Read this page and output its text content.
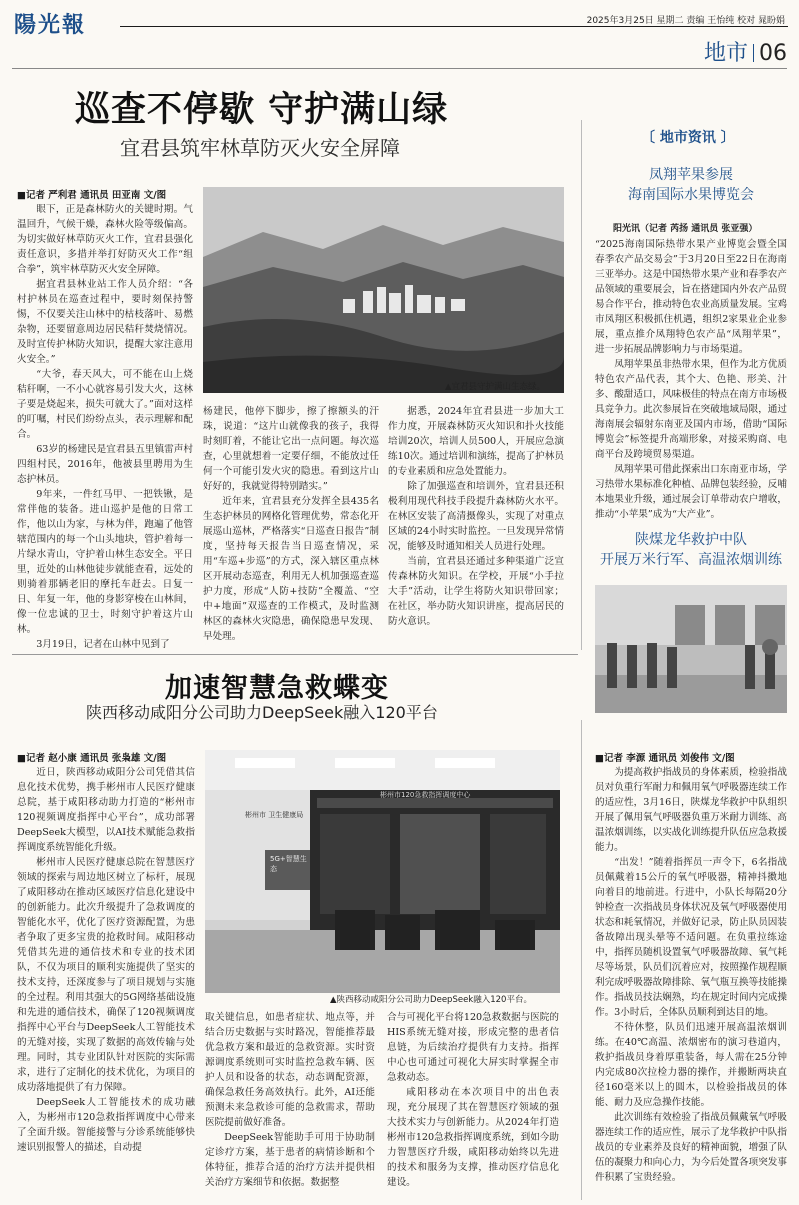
陽光報	2025年3月25日 星期二 责编 王怡纯 校对 晁盼娟
地市 06
巡查不停歇 守护满山绿
宜君县筑牢林草防灭火安全屏障
■记者 严利君 通讯员 田亚南 文/图

眼下，正是森林防火的关键时期。气温回升，气候干燥，森林火险等级偏高。为切实做好林草防灭火工作，宜君县强化责任意识，多措并举打好防灭火工作“组合拳”，筑牢林草防灭火安全屏障。

据宜君县林业站工作人员介绍：“各村护林员在巡查过程中，要时刻保持警惕，不仅要关注山林中的枯枝落叶、易燃杂物，还要留意周边居民秸秆焚烧情况。及时宣传护林防火知识，提醒大家注意用火安全。”

“大爷，春天风大，可不能在山上烧秸秆啊，一不小心就容易引发大火，这林子要是烧起来，损失可就大了。”面对这样的叮嘱，村民们纷纷点头，表示理解和配合。

63岁的杨建民是宜君县五里镇雷声村四组村民，2016年，他被县里聘用为生态护林员。

9年来，一件红马甲、一把铁锹，是常伴他的装备。进山巡护是他的日常工作，他以山为家，与林为伴，跑遍了他管辖范围内的每一个山头地块，管护着每一片绿水青山，守护着山林生态安全。平日里，近处的山林他徒步就能查看，远处的则骑着那辆老旧的摩托车赶去。日复一日、年复一年，他的身影穿梭在山林间，像一位忠诚的卫士，时刻守护着这片山林。

3月19日，记者在山林中见到了

▲宜君县守护满山生态绿。

杨建民，他停下脚步，擦了擦额头的汗珠，说道：“这片山就像我的孩子，我得时刻盯着，不能让它出一点问题。每次巡查，心里就想着一定要仔细，不能放过任何一个可能引发火灾的隐患。看到这片山好好的，我就觉得特别踏实。”

近年来，宜君县充分发挥全县435名生态护林员的网格化管理优势，常态化开展巡山巡林，严格落实“日巡查日报告”制度，坚持每天报告当日巡查情况，采用“车巡+步巡”的方式，深入辖区重点林区开展动态巡查，利用无人机加强巡查巡护力度，形成“人防+技防”全覆盖、“空中+地面”双巡查的工作模式，及时监测林区的森林火灾隐患，确保隐患早发现、早处理。

据悉，2024年宜君县进一步加大工作力度，开展森林防灭火知识和扑火技能培训20次，培训人员500人，开展应急演练10次。通过培训和演练，提高了护林员的专业素质和应急处置能力。

除了加强巡查和培训外，宜君县还积极利用现代科技手段提升森林防火水平。在林区安装了高清摄像头，实现了对重点区域的24小时实时监控。一旦发现异常情况，能够及时通知相关人员进行处理。

当前，宜君县还通过多种渠道广泛宣传森林防火知识。在学校，开展“小手拉大手”活动，让学生将防火知识带回家；在社区，举办防火知识讲座，提高居民的防火意识。

〔 地市资讯 〕
凤翔苹果参展
海南国际水果博览会

阳光讯（记者 芮扬 通讯员 张亚强）

“2025海南国际热带水果产业博览会暨全国春季农产品交易会”于3月20日至22日在海南三亚举办。这是中国热带水果产业和春季农产品领域的重要展会，旨在搭建国内外农产品贸易合作平台，推动特色农业高质量发展。宝鸡市凤翔区积极抓住机遇，组织2家果业企业参展，重点推介凤翔特色农产品“凤翔苹果”，进一步拓展品牌影响力与市场渠道。

凤翔苹果虽非热带水果，但作为北方优质特色农产品代表，其个大、色艳、形美、汁多、酸甜适口，风味极佳的特点在南方市场极具竞争力。此次参展旨在突破地域局限，通过海南展会辐射东南亚及国内市场，借助“国际博览会”标签提升高端形象，对接采购商、电商平台及跨境贸易渠道。

凤翔苹果可借此探索出口东南亚市场，学习热带水果标准化种植、品牌包装经验，反哺本地果业升级，通过展会订单带动农户增收，推动“小苹果”成为“大产业”。

陕煤龙华救护中队
开展万米行军、高温浓烟训练
加速智慧急救蝶变
陕西移动咸阳分公司助力DeepSeek融入120平台
■记者 赵小康 通讯员 张枭雄 文/图

近日，陕西移动咸阳分公司凭借其信息化技术优势，携手彬州市人民医疗健康总院，基于咸阳移动助力打造的“彬州市120视频调度指挥中心平台”，成功部署DeepSeek大模型，以AI技术赋能急救指挥调度系统智能化升级。

彬州市人民医疗健康总院在智慧医疗领域的探索与周边地区树立了标杆，展现了咸阳移动在推动区域医疗信息化建设中的创新能力。此次升级提升了急救调度的智能化水平，优化了医疗资源配置，为患者争取了更多宝贵的抢救时间。咸阳移动凭借其先进的通信技术和专业的技术团队，不仅为项目的顺利实施提供了坚实的技术支持，还深度参与了项目规划与实施的全过程。利用其强大的5G网络基础设施和先进的通信技术，确保了120视频调度指挥中心平台与DeepSeek人工智能技术的无缝对接，实现了数据的高效传输与处理。同时，其专业团队针对医院的实际需求，进行了定制化的技术优化，为项目的成功落地提供了有力保障。

DeepSeek人工智能技术的成功融入，为彬州市120急救指挥调度中心带来了全面升级。智能接警与分诊系统能够快速识别报警人的描述，自动提

彬州市120急救指挥调度中心
彬州市 卫生健康局
5G+智慧生态
▲陕西移动咸阳分公司助力DeepSeek融入120平台。

取关键信息，如患者症状、地点等，并结合历史数据与实时路况，智能推荐最优急救方案和最近的急救资源。实时资源调度系统则可实时监控急救车辆、医护人员和设备的状态，动态调配资源，确保急救任务高效执行。此外，AI还能预测未来急救诊可能的急救需求，帮助医院提前做好准备。

DeepSeek智能助手可用于协助制定诊疗方案，基于患者的病情诊断和个体特征，推荐合适的治疗方法并提供相关治疗方案细节和依据。数据整

合与可视化平台将120急救数据与医院的HIS系统无缝对接，形成完整的患者信息链，为后续治疗提供有力支持。指挥中心也可通过可视化大屏实时掌握全市急救动态。

咸阳移动在本次项目中的出色表现，充分展现了其在智慧医疗领域的强大技术实力与创新能力。从2024年打造彬州市120急救指挥调度系统，到如今助力智慧医疗升级，咸阳移动始终以先进的技术和服务为支撑，推动医疗信息化建设。

■记者 李源 通讯员 刘俊伟 文/图

为提高救护指战员的身体素质，检验指战员对负重行军耐力和佩用氧气呼吸器连续工作的适应性，3月16日，陕煤龙华救护中队组织开展了佩用氧气呼吸器负重万米耐力训练、高温浓烟训练，以实战化训练提升队伍应急救援能力。

“出发！”随着指挥员一声令下，6名指战员佩戴着15公斤的氧气呼吸器，精神抖擞地向着目的地前进。行进中，小队长每隔20分钟检查一次指战员身体状况及氧气呼吸器使用状态和耗氧情况，并做好记录，防止队员因装备故障出现头晕等不适问题。在负重拉练途中，指挥员随机设置氧气呼吸器故障、氧气耗尽等场景，队员们沉着应对，按照操作规程顺利完成呼吸器故障排除、氧气瓶互换等技能操作。指战员技法娴熟，均在规定时间内完成操作。3小时后，全体队员顺利到达目的地。

不待休整，队员们迅速开展高温浓烟训练。在40℃高温、浓烟密布的演习巷道内，救护指战员身着厚重装备，每人需在25分钟内完成80次拉检力器的操作，并搬断两块直径160毫米以上的圆木，以检验指战员的体能、耐力及应急操作技能。

此次训练有效检验了指战员佩戴氧气呼吸器连续工作的适应性，展示了龙华救护中队指战员的专业素养及良好的精神面貌，增强了队伍的凝聚力和向心力，为今后处置各项突发事件积累了宝贵经验。
